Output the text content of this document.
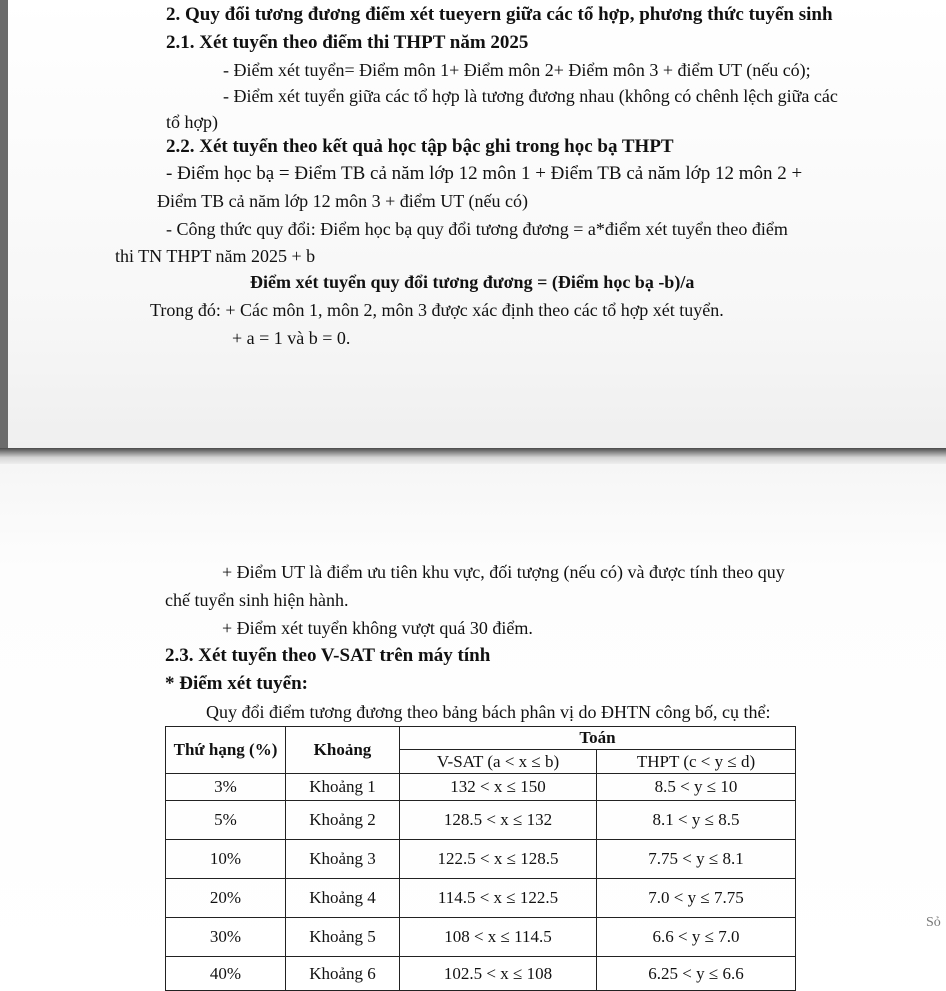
2. Quy đổi tương đương điểm xét tueyern giữa các tổ hợp, phương thức tuyển sinh
2.1. Xét tuyển theo điểm thi THPT năm 2025
- Điểm xét tuyển= Điểm môn 1+ Điểm môn 2+ Điểm môn 3 + điểm UT (nếu có);
- Điểm xét tuyển giữa các tổ hợp là tương đương nhau (không có chênh lệch giữa các
tổ hợp)
2.2. Xét tuyển theo kết quả học tập bậc ghi trong học bạ THPT
- Điểm học bạ = Điểm TB cả năm lớp 12 môn 1 + Điểm TB cả năm lớp 12 môn 2 +
Điểm TB cả năm lớp 12 môn 3 + điểm UT (nếu có)
- Công thức quy đổi: Điểm học bạ quy đổi tương đương = a*điểm xét tuyển theo điểm
thi TN THPT năm 2025 + b
Điểm xét tuyển quy đổi tương đương = (Điểm học bạ -b)/a
Trong đó: + Các môn 1, môn 2, môn 3 được xác định theo các tổ hợp xét tuyển.
+ a = 1 và b = 0.
+ Điểm UT là điểm ưu tiên khu vực, đối tượng (nếu có) và được tính theo quy
chế tuyển sinh hiện hành.
+ Điểm xét tuyển không vượt quá 30 điểm.
2.3. Xét tuyển theo V-SAT trên máy tính
* Điểm xét tuyển:
Quy đổi điểm tương đương theo bảng bách phân vị do ĐHTN công bố, cụ thể:
Thứ hạng (%)	Khoảng	Toán	
		V-SAT (a < x ≤ b)	THPT (c < y ≤ d)
3%	Khoảng 1	132 < x ≤ 150	8.5 < y ≤ 10
5%	Khoảng 2	128.5 < x ≤ 132	8.1 < y ≤ 8.5
10%	Khoảng 3	122.5 < x ≤ 128.5	7.75 < y ≤ 8.1
20%	Khoảng 4	114.5 < x ≤ 122.5	7.0 < y ≤ 7.75
30%	Khoảng 5	108 < x ≤ 114.5	6.6 < y ≤ 7.0
40%	Khoảng 6	102.5 < x ≤ 108	6.25 < y ≤ 6.6
Sỏ
